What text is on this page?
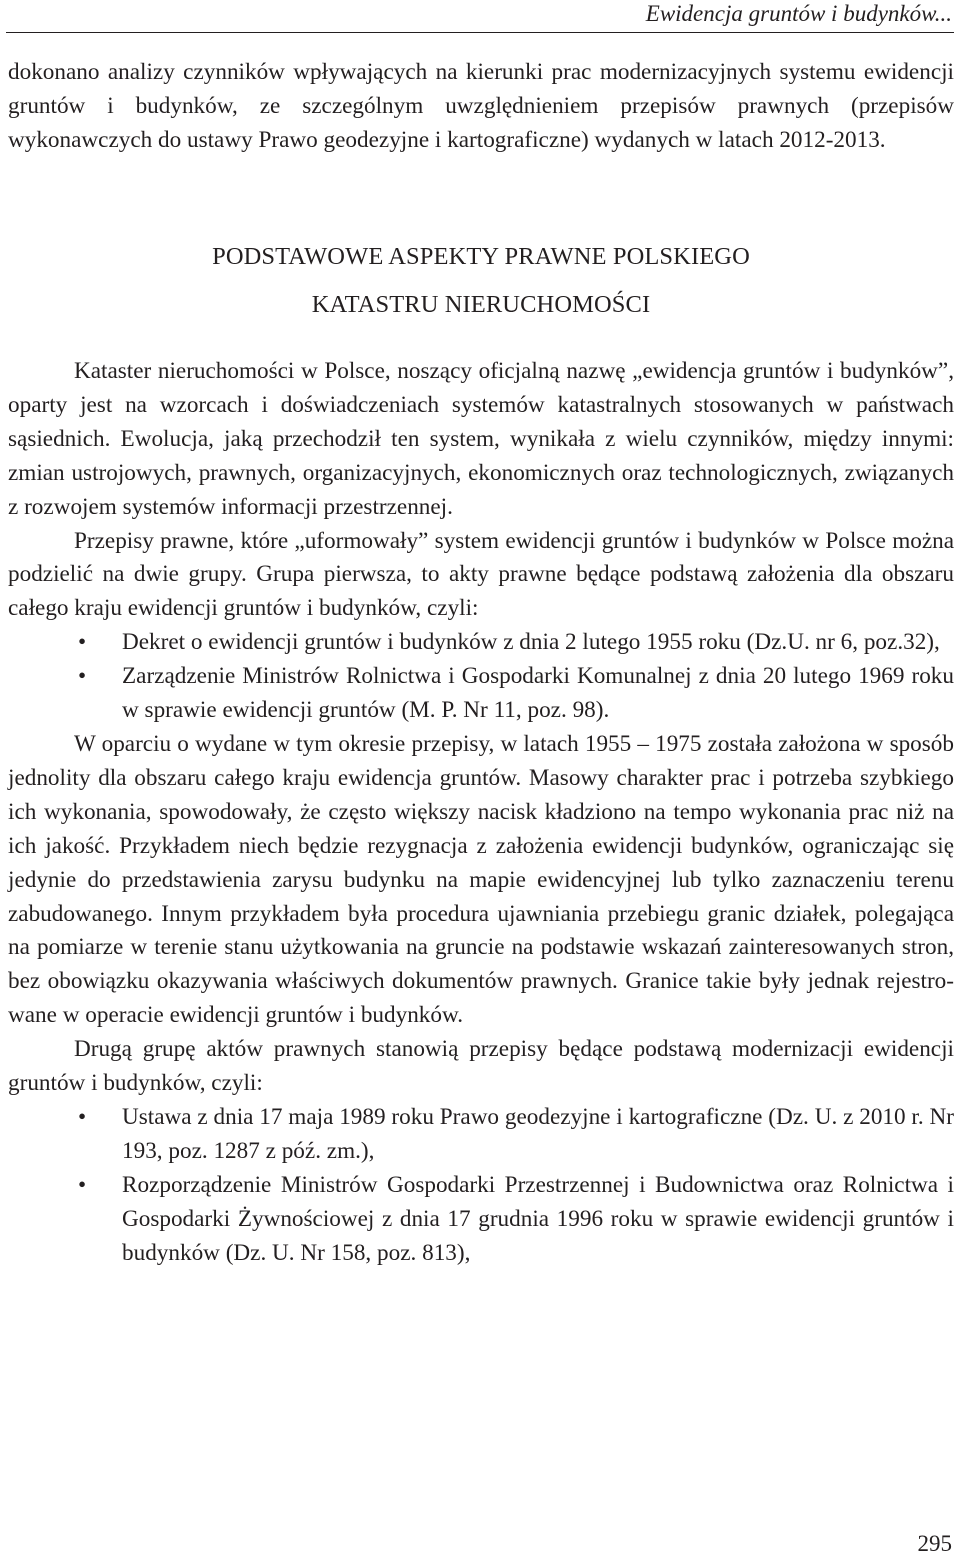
Ewidencja gruntów i budynków...

dokonano analizy czynników wpływających na kierunki prac modernizacyjnych systemu ewidencji gruntów i budynków, ze szczególnym uwzględnieniem przepisów prawnych (przepisów wykonawczych do ustawy Prawo geodezyjne i kartograficzne) wydanych w latach 2012-2013.

PODSTAWOWE ASPEKTY PRAWNE POLSKIEGO
KATASTRU NIERUCHOMOŚCI

Kataster nieruchomości w Polsce, noszący oficjalną nazwę „ewidencja gruntów i budynków”, oparty jest na wzorcach i doświadczeniach systemów katastralnych stosowanych w państwach sąsiednich. Ewolucja, jaką przechodził ten system, wynikała z wielu czynników, między innymi: zmian ustrojowych, prawnych, organizacyjnych, ekonomicznych oraz technologicznych, związanych z rozwojem systemów informacji przestrzennej.

Przepisy prawne, które „uformowały” system ewidencji gruntów i budynków w Polsce można podzielić na dwie grupy. Grupa pierwsza, to akty prawne będące podstawą założenia dla obszaru całego kraju ewidencji gruntów i budynków, czyli:

• Dekret o ewidencji gruntów i budynków z dnia 2 lutego 1955 roku (Dz.U. nr 6, poz.32),
• Zarządzenie Ministrów Rolnictwa i Gospodarki Komunalnej z dnia 20 lutego 1969 roku w sprawie ewidencji gruntów (M. P. Nr 11, poz. 98).

W oparciu o wydane w tym okresie przepisy, w latach 1955 – 1975 została założona w sposób jednolity dla obszaru całego kraju ewidencja gruntów. Masowy charakter prac i potrzeba szybkiego ich wykonania, spowodowały, że często większy nacisk kładziono na tempo wykonania prac niż na ich jakość. Przykładem niech będzie rezygnacja z założenia ewidencji budynków, ograniczając się jedynie do przedstawienia zarysu budynku na mapie ewidencyjnej lub tylko zaznaczeniu terenu zabudowanego. Innym przykładem była procedura ujawniania przebiegu granic działek, polegająca na pomiarze w terenie stanu użytkowania na gruncie na podstawie wskazań zainteresowanych stron, bez obowiązku okazywania właściwych dokumentów prawnych. Granice takie były jednak rejestrowane w operacie ewidencji gruntów i budynków.

Drugą grupę aktów prawnych stanowią przepisy będące podstawą modernizacji ewidencji gruntów i budynków, czyli:

• Ustawa z dnia 17 maja 1989 roku Prawo geodezyjne i kartograficzne (Dz. U. z 2010 r. Nr 193, poz. 1287 z póź. zm.),
• Rozporządzenie Ministrów Gospodarki Przestrzennej i Budownictwa oraz Rolnictwa i Gospodarki Żywnościowej z dnia 17 grudnia 1996 roku w sprawie ewidencji gruntów i budynków (Dz. U. Nr 158, poz. 813),
295
